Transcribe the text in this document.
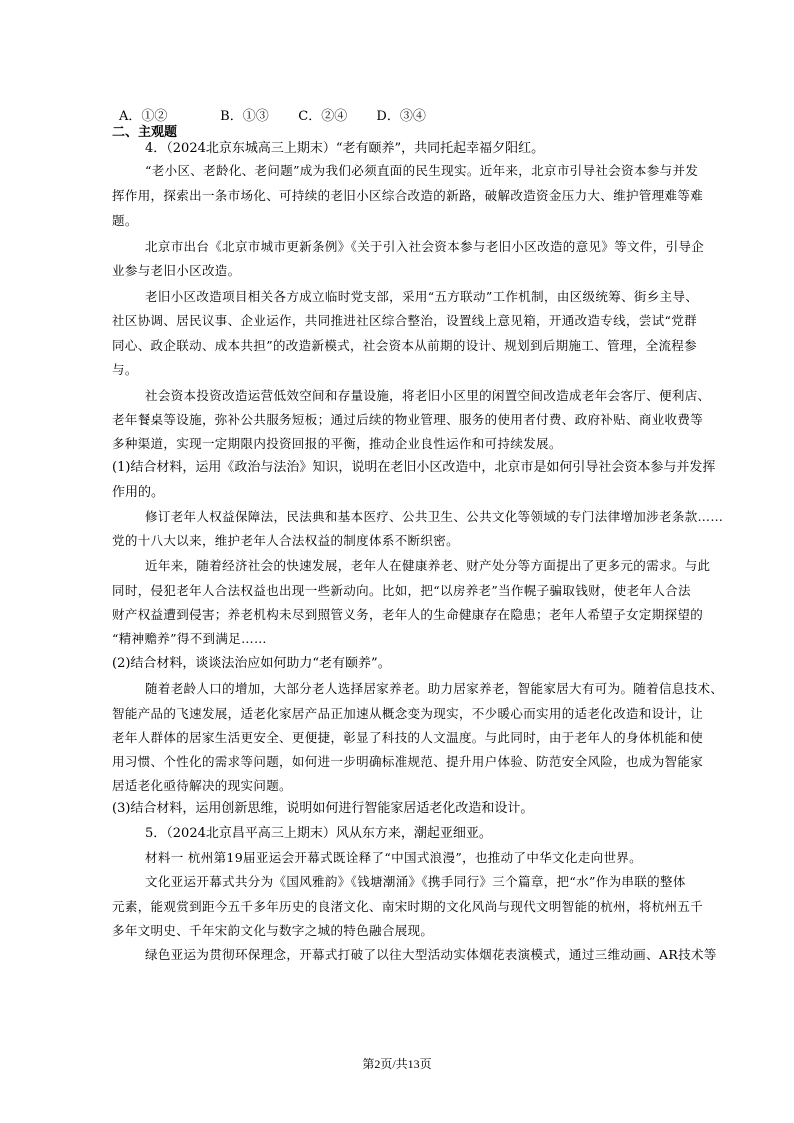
A．①②	B．①③ C．②④ D．③④
二、主观题
4．（2024北京东城高三上期末）“老有颐养”，共同托起幸福夕阳红。
“老小区、老龄化、老问题”成为我们必须直面的民生现实。近年来，北京市引导社会资本参与并发
挥作用，探索出一条市场化、可持续的老旧小区综合改造的新路，破解改造资金压力大、维护管理难等难
题。
北京市出台《北京市城市更新条例》《关于引入社会资本参与老旧小区改造的意见》等文件，引导企
业参与老旧小区改造。
老旧小区改造项目相关各方成立临时党支部，采用“五方联动”工作机制，由区级统筹、街乡主导、
社区协调、居民议事、企业运作，共同推进社区综合整治，设置线上意见箱，开通改造专线，尝试“党群
同心、政企联动、成本共担”的改造新模式，社会资本从前期的设计、规划到后期施工、管理，全流程参
与。
社会资本投资改造运营低效空间和存量设施，将老旧小区里的闲置空间改造成老年会客厅、便利店、
老年餐桌等设施，弥补公共服务短板；通过后续的物业管理、服务的使用者付费、政府补贴、商业收费等
多种渠道，实现一定期限内投资回报的平衡，推动企业良性运作和可持续发展。
(1)结合材料，运用《政治与法治》知识，说明在老旧小区改造中，北京市是如何引导社会资本参与并发挥
作用的。
修订老年人权益保障法，民法典和基本医疗、公共卫生、公共文化等领域的专门法律增加涉老条款……
党的十八大以来，维护老年人合法权益的制度体系不断织密。
近年来，随着经济社会的快速发展，老年人在健康养老、财产处分等方面提出了更多元的需求。与此
同时，侵犯老年人合法权益也出现一些新动向。比如，把“以房养老”当作幌子骗取钱财，使老年人合法
财产权益遭到侵害；养老机构未尽到照管义务，老年人的生命健康存在隐患；老年人希望子女定期探望的
“精神赡养”得不到满足……
(2)结合材料，谈谈法治应如何助力“老有颐养”。
随着老龄人口的增加，大部分老人选择居家养老。助力居家养老，智能家居大有可为。随着信息技术、
智能产品的飞速发展，适老化家居产品正加速从概念变为现实，不少暖心而实用的适老化改造和设计，让
老年人群体的居家生活更安全、更便捷，彰显了科技的人文温度。与此同时，由于老年人的身体机能和使
用习惯、个性化的需求等问题，如何进一步明确标准规范、提升用户体验、防范安全风险，也成为智能家
居适老化亟待解决的现实问题。
(3)结合材料，运用创新思维，说明如何进行智能家居适老化改造和设计。
5．（2024北京昌平高三上期末）风从东方来，潮起亚细亚。
材料一 杭州第19届亚运会开幕式既诠释了“中国式浪漫”，也推动了中华文化走向世界。
文化亚运开幕式共分为《国风雅韵》《钱塘潮涌》《携手同行》三个篇章，把“水”作为串联的整体
元素，能观赏到距今五千多年历史的良渚文化、南宋时期的文化风尚与现代文明智能的杭州，将杭州五千
多年文明史、千年宋韵文化与数字之城的特色融合展现。
绿色亚运为贯彻环保理念，开幕式打破了以往大型活动实体烟花表演模式，通过三维动画、AR技术等
第2页/共13页
